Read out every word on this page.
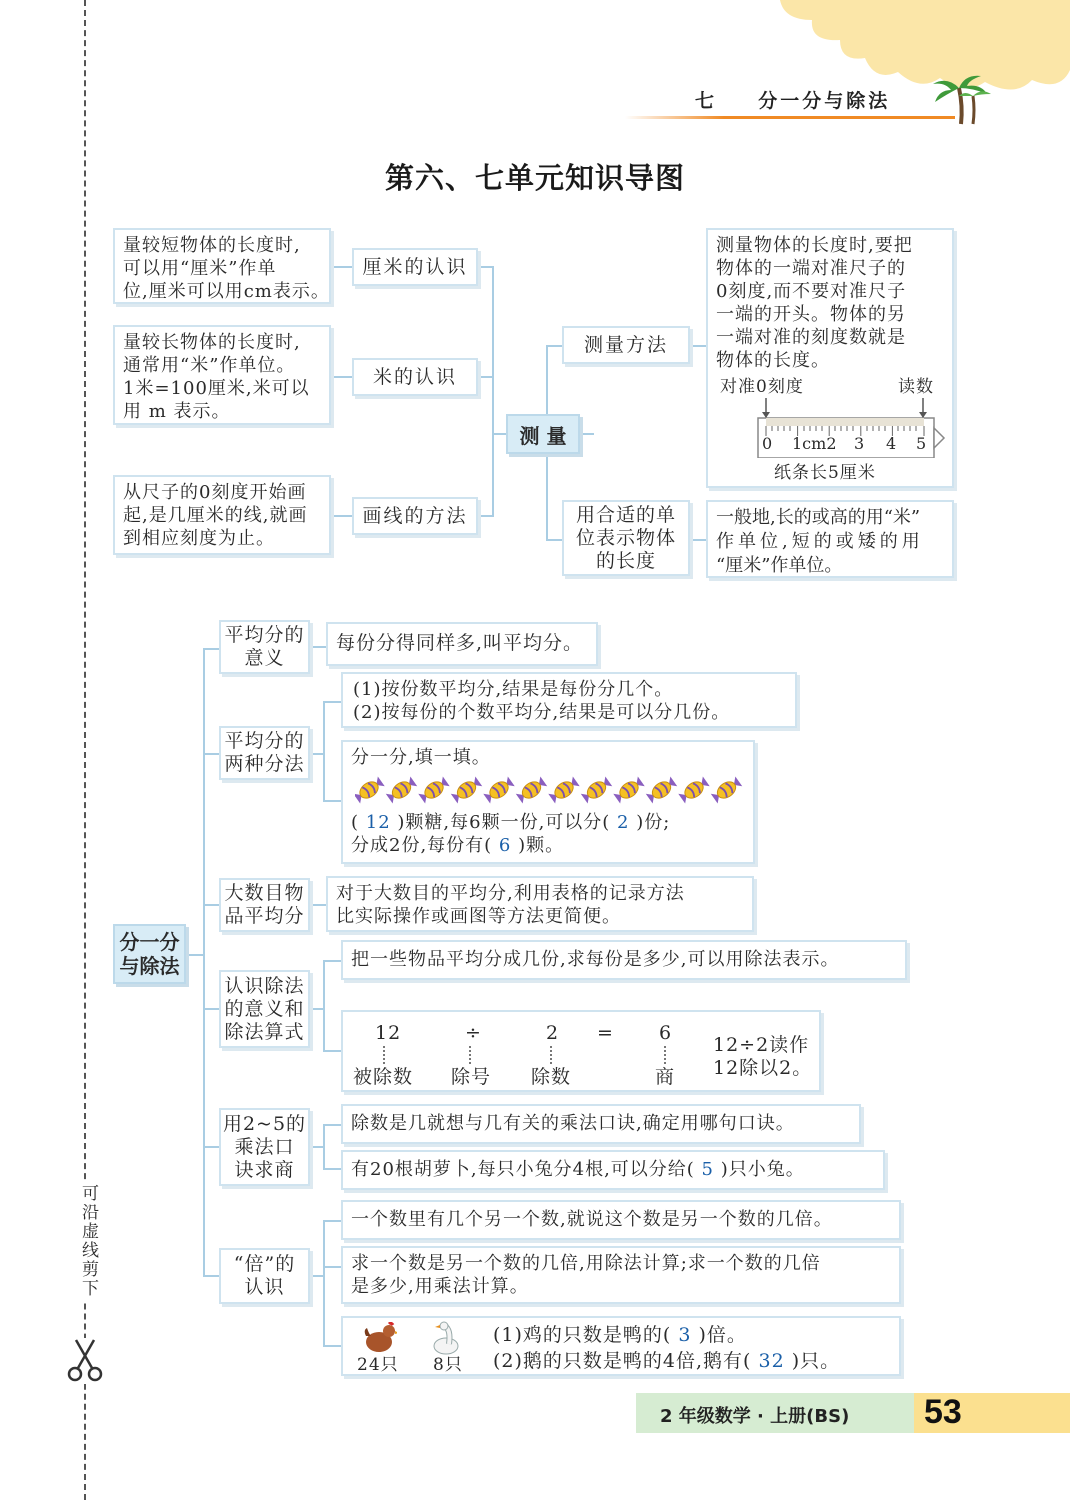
七 分一分与除法
第六、七单元知识导图
可沿虚线剪下
量较短物体的长度时,
可以用“厘米”作单
位,厘米可以用cm表示。
厘米的认识
量较长物体的长度时,
通常用“米”作单位。
1米=100厘米,米可以
用 m 表示。
米的认识
从尺子的0刻度开始画
起,是几厘米的线,就画
到相应刻度为止。
画线的方法
测 量
测量方法
测量物体的长度时,要把
物体的一端对准尺子的
0刻度,而不要对准尺子
一端的开头。物体的另
一端对准的刻度数就是
物体的长度。
对准0刻度	读数
0 1cm2 3 4 5
纸条长5厘米
用合适的单
位表示物体
的长度
一般地,长的或高的用“米”
作单位,短的或矮的用
“厘米”作单位。
分一分
与除法
平均分的
意义
每份分得同样多,叫平均分。
平均分的
两种分法
(1)按份数平均分,结果是每份分几个。
(2)按每份的个数平均分,结果是可以分几份。
分一分,填一填。
( 12 )颗糖,每6颗一份,可以分( 2 )份;
分成2份,每份有( 6 )颗。
大数目物
品平均分
对于大数目的平均分,利用表格的记录方法
比实际操作或画图等方法更简便。
认识除法
的意义和
除法算式
把一些物品平均分成几份,求每份是多少,可以用除法表示。
12	÷	2 = 6
被除数 除号 除数	商
12÷2读作
12除以2。
用2~5的
乘法口
诀求商
除数是几就想与几有关的乘法口诀,确定用哪句口诀。
有20根胡萝卜,每只小兔分4根,可以分给( 5 )只小兔。
“倍”的
认识
一个数里有几个另一个数,就说这个数是另一个数的几倍。
求一个数是另一个数的几倍,用除法计算;求一个数的几倍
是多少,用乘法计算。
24只 8只
(1)鸡的只数是鸭的( 3 )倍。
(2)鹅的只数是鸭的4倍,鹅有( 32 )只。
2 年级数学 · 上册(BS) 53
